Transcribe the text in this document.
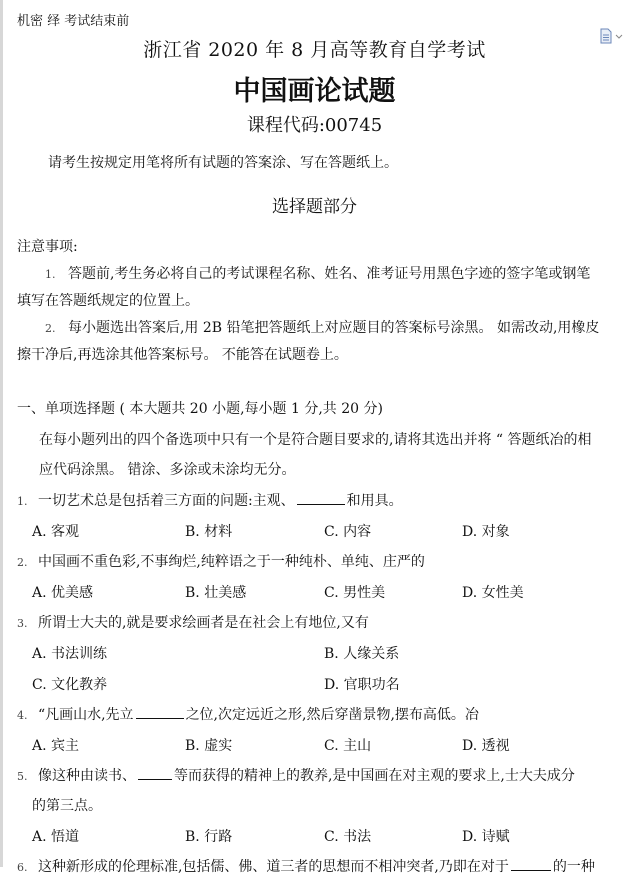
机密 绎 考试结束前
浙江省 2020 年 8 月高等教育自学考试
中国画论试题
课程代码:00745
请考生按规定用笔将所有试题的答案涂、写在答题纸上。
选择题部分
注意事项:
1. 答题前,考生务必将自己的考试课程名称、姓名、准考证号用黑色字迹的签字笔或钢笔
填写在答题纸规定的位置上。
2. 每小题选出答案后,用 2B 铅笔把答题纸上对应题目的答案标号涂黑。 如需改动,用橡皮
擦干净后,再选涂其他答案标号。 不能答在试题卷上。
一、单项选择题 ( 本大题共 20 小题,每小题 1 分,共 20 分)
在每小题列出的四个备选项中只有一个是符合题目要求的,请将其选出并将 “ 答题纸冶的相
应代码涂黑。 错涂、多涂或未涂均无分。
1. 一切艺术总是包括着三方面的问题:主观、	和用具。
A. 客观	B. 材料	C. 内容	D. 对象
2. 中国画不重色彩,不事绚烂,纯粹语之于一种纯朴、单纯、庄严的
A. 优美感	B. 壮美感	C. 男性美	D. 女性美
3. 所谓士大夫的,就是要求绘画者是在社会上有地位,又有
A. 书法训练	B. 人缘关系
C. 文化教养	D. 官职功名
4. “凡画山水,先立	之位,次定远近之形,然后穿凿景物,摆布高低。冶
A. 宾主	B. 虚实	C. 主山	D. 透视
5. 像这种由读书、	等而获得的精神上的教养,是中国画在对主观的要求上,士大夫成分
的第三点。
A. 悟道	B. 行路	C. 书法	D. 诗赋
6. 这种新形成的伦理标准,包括儒、佛、道三者的思想而不相冲突者,乃即在对于	的一种
